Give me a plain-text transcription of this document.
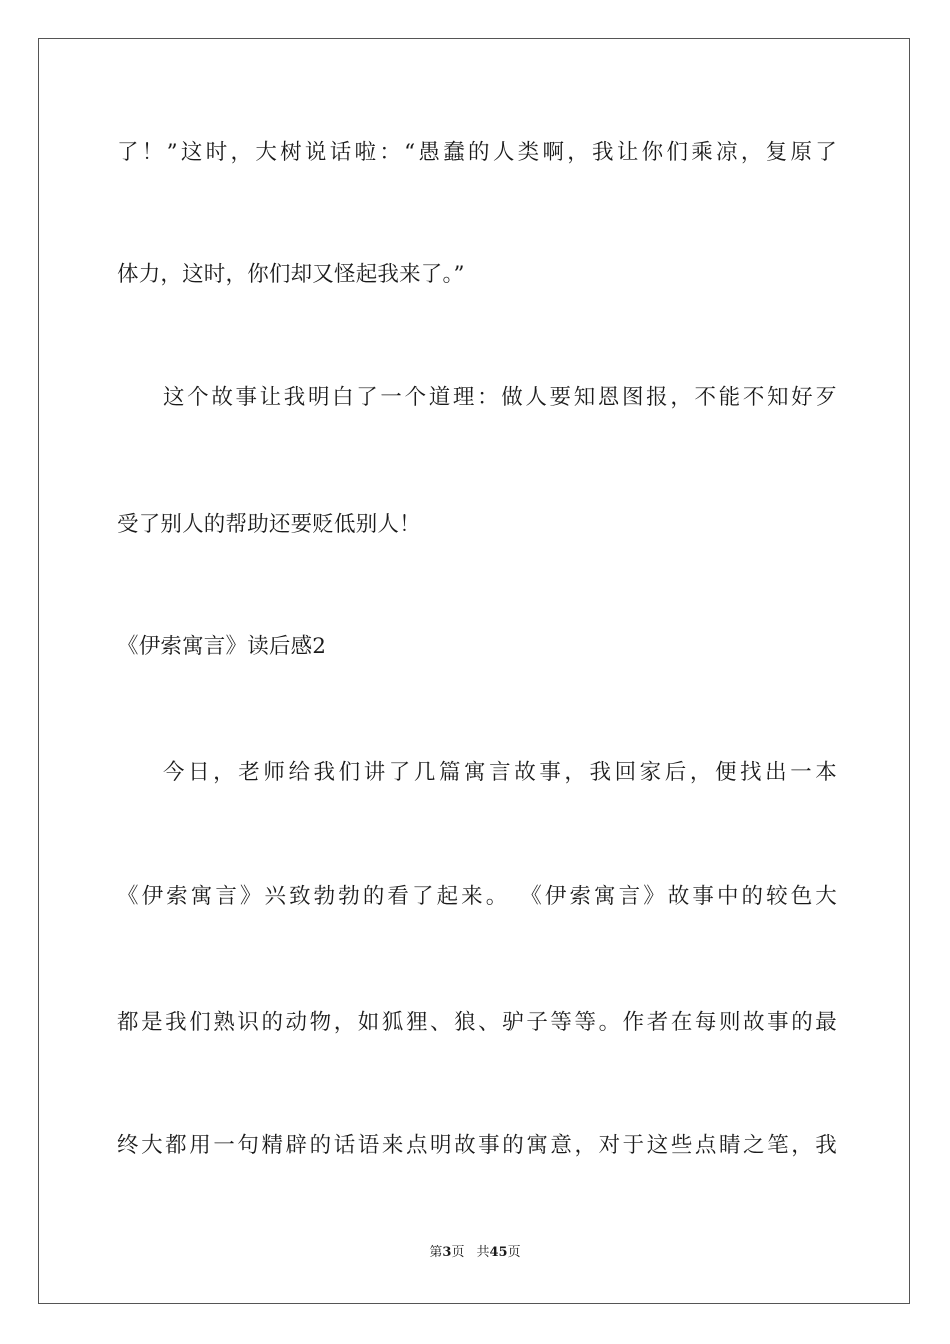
了！”这时，大树说话啦：“愚蠢的人类啊，我让你们乘凉，复原了
体力，这时，你们却又怪起我来了。”
这个故事让我明白了一个道理：做人要知恩图报，不能不知好歹
受了别人的帮助还要贬低别人！
《伊索寓言》读后感2
今日，老师给我们讲了几篇寓言故事，我回家后，便找出一本
《伊索寓言》兴致勃勃的看了起来。 《伊索寓言》故事中的较色大
都是我们熟识的动物，如狐狸、狼、驴子等等。作者在每则故事的最
终大都用一句精辟的话语来点明故事的寓意，对于这些点睛之笔，我
第3页 共45页
